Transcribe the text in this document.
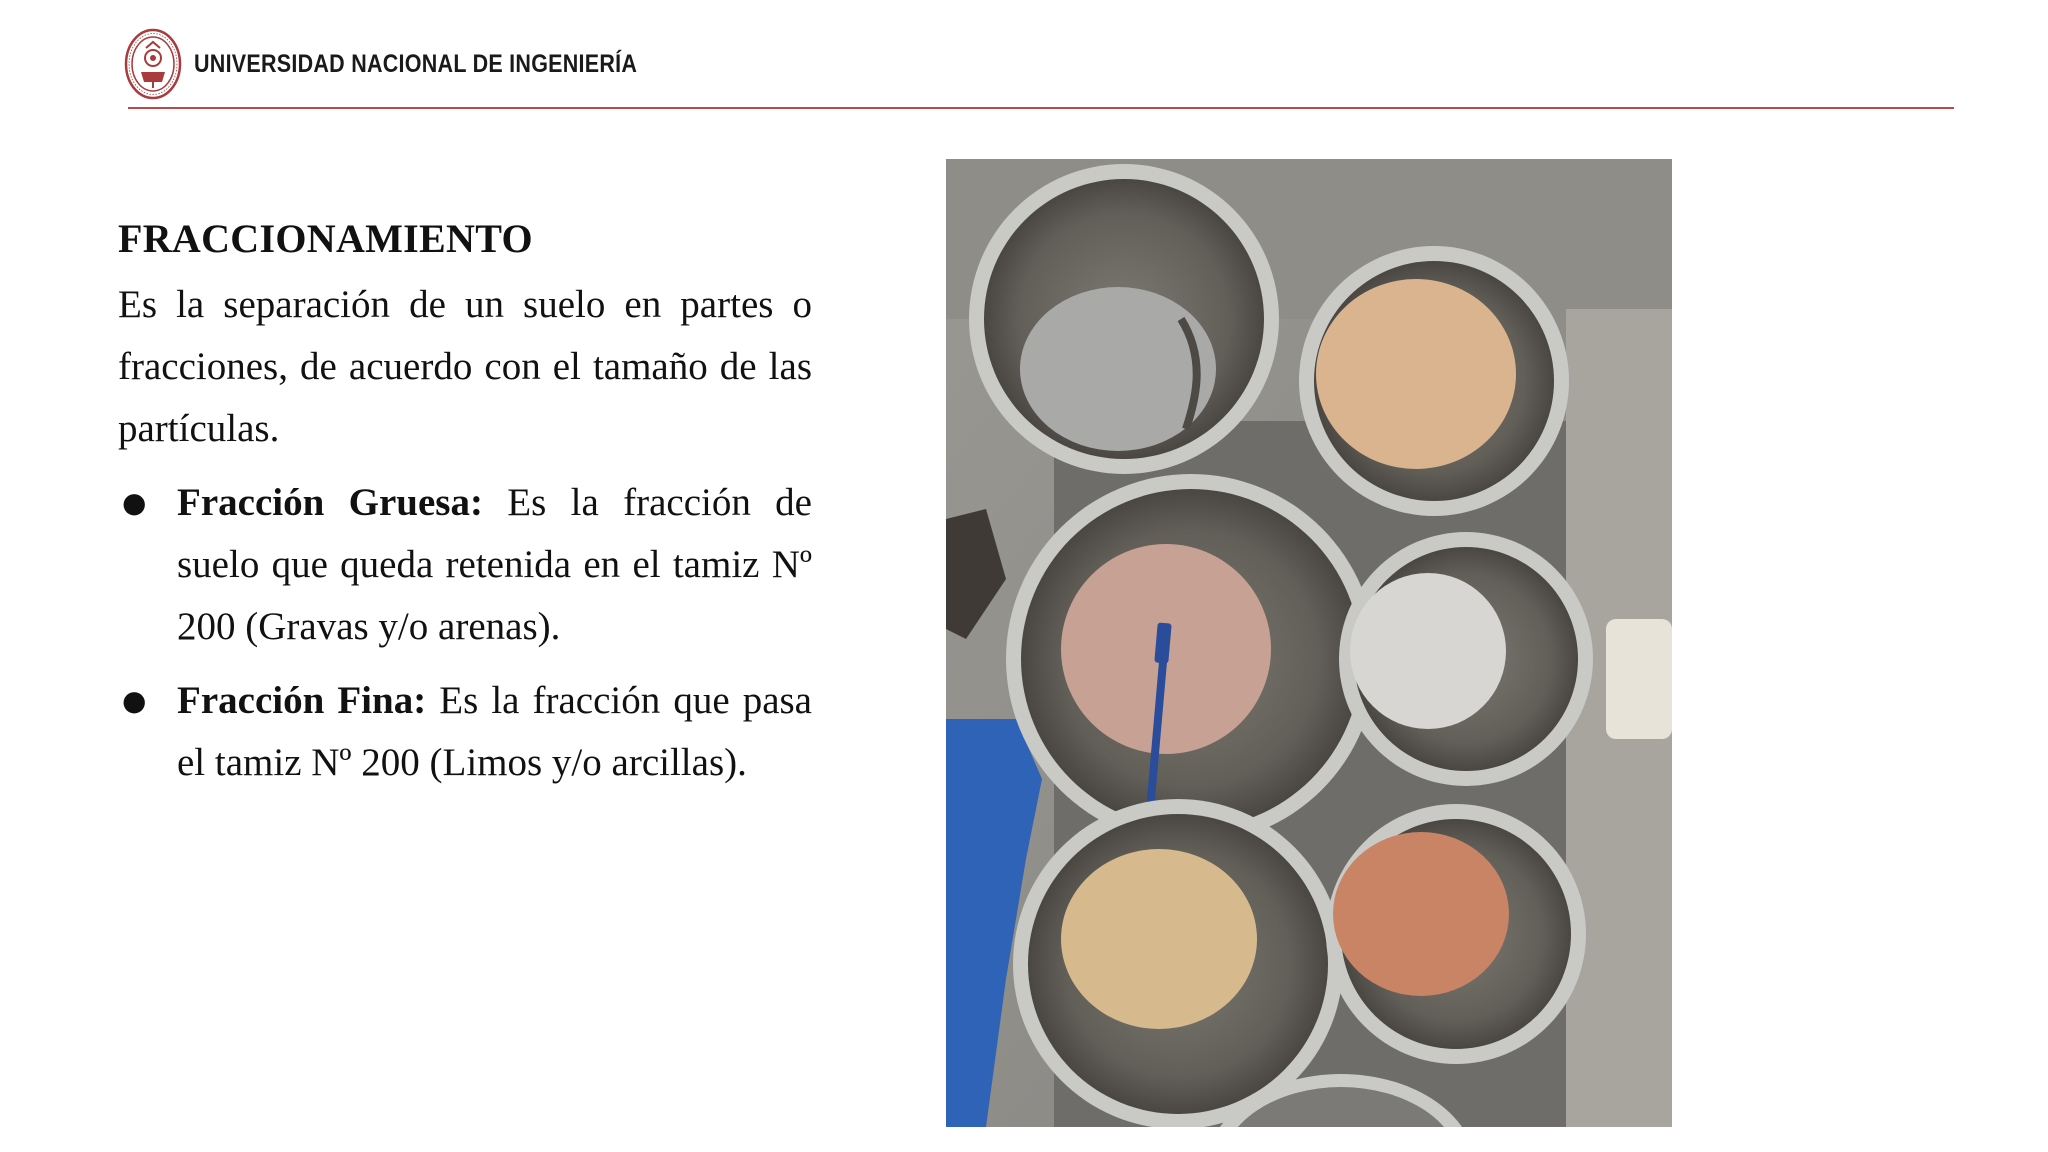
UNIVERSIDAD NACIONAL DE INGENIERÍA
FRACCIONAMIENTO

Es la separación de un suelo en partes o fracciones, de acuerdo con el tamaño de las partículas.

● Fracción Gruesa: Es la fracción de suelo que queda retenida en el tamiz Nº 200 (Gravas y/o arenas).
● Fracción Fina: Es la fracción que pasa el tamiz Nº 200 (Limos y/o arcillas).
